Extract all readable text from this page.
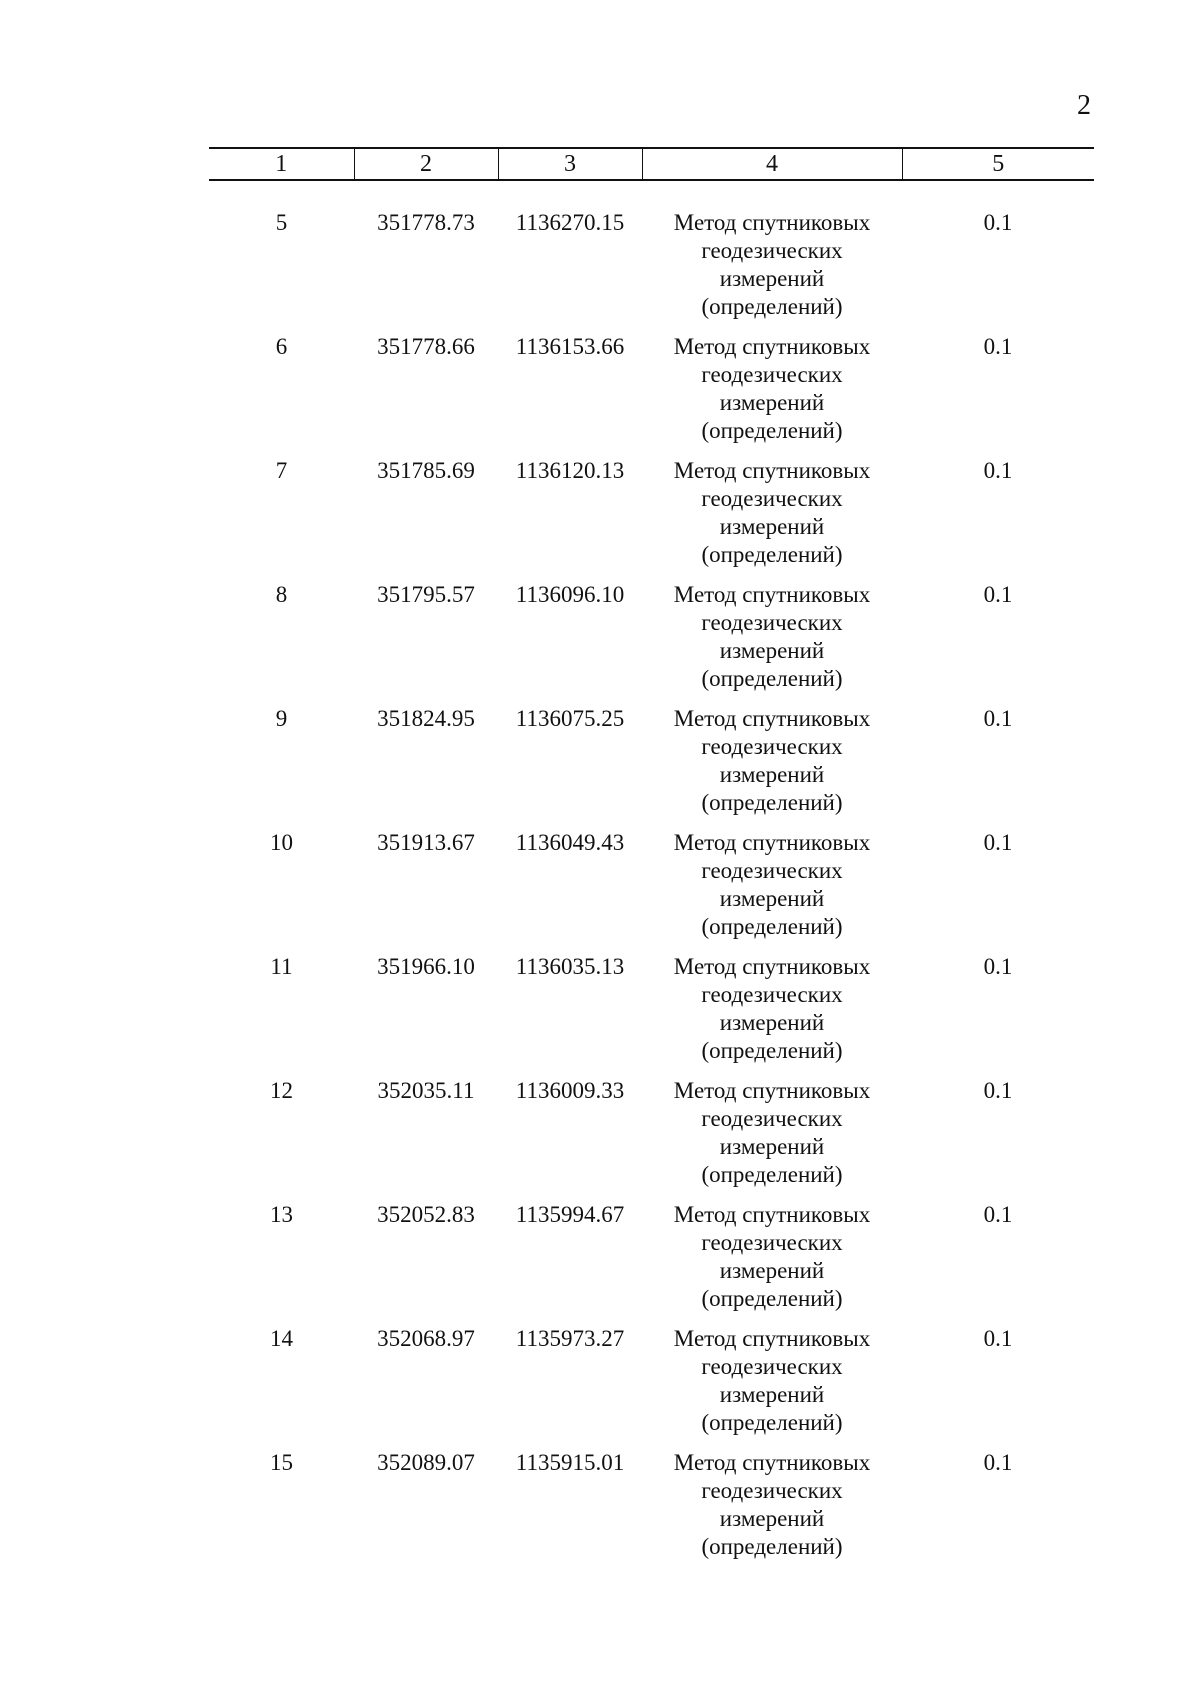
2
1	2	3	4	5

5	351778.73	1136270.15	Метод спутниковых
геодезических
измерений
(определений)	0.1
6	351778.66	1136153.66	Метод спутниковых
геодезических
измерений
(определений)	0.1
7	351785.69	1136120.13	Метод спутниковых
геодезических
измерений
(определений)	0.1
8	351795.57	1136096.10	Метод спутниковых
геодезических
измерений
(определений)	0.1
9	351824.95	1136075.25	Метод спутниковых
геодезических
измерений
(определений)	0.1
10	351913.67	1136049.43	Метод спутниковых
геодезических
измерений
(определений)	0.1
11	351966.10	1136035.13	Метод спутниковых
геодезических
измерений
(определений)	0.1
12	352035.11	1136009.33	Метод спутниковых
геодезических
измерений
(определений)	0.1
13	352052.83	1135994.67	Метод спутниковых
геодезических
измерений
(определений)	0.1
14	352068.97	1135973.27	Метод спутниковых
геодезических
измерений
(определений)	0.1
15	352089.07	1135915.01	Метод спутниковых
геодезических
измерений
(определений)	0.1
